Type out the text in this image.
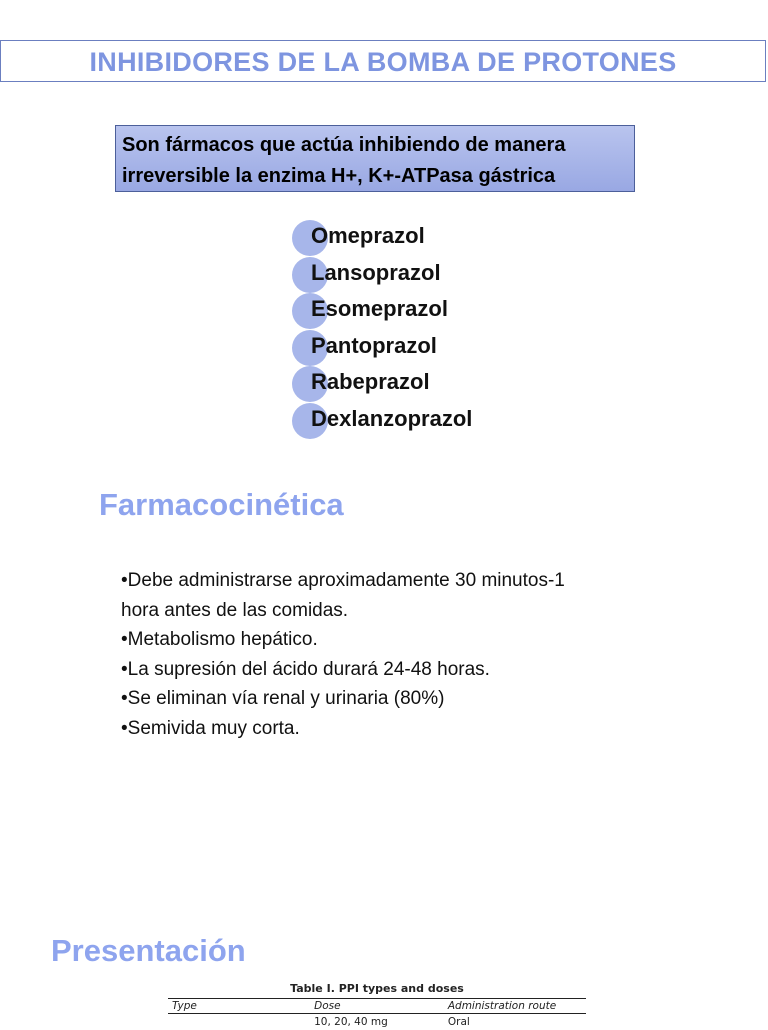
INHIBIDORES DE LA BOMBA DE PROTONES
Son fármacos que actúa inhibiendo de manera irreversible la enzima H+, K+-ATPasa gástrica
Omeprazol
Lansoprazol
Esomeprazol
Pantoprazol
Rabeprazol
Dexlanzoprazol
Farmacocinética
•Debe administrarse aproximadamente 30 minutos-1 hora antes de las comidas.
•Metabolismo hepático.
•La supresión del ácido durará 24-48 horas.
•Se eliminan vía renal y urinaria (80%)
•Semivida muy corta.
Presentación
Table I. PPI types and doses
Type	Dose	Administration route
	10, 20, 40 mg	Oral
